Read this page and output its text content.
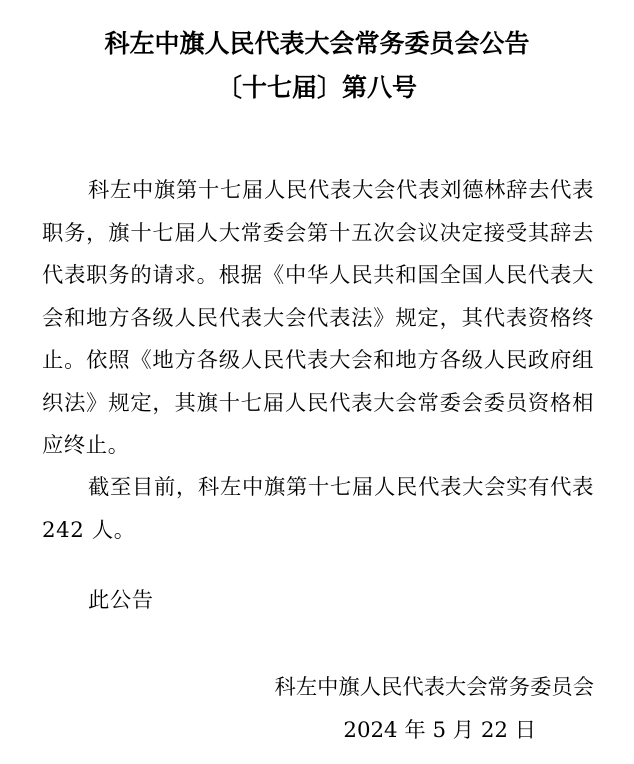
科左中旗人民代表大会常务委员会公告
〔十七届〕第八号

科左中旗第十七届人民代表大会代表刘德林辞去代表职务，旗十七届人大常委会第十五次会议决定接受其辞去代表职务的请求。根据《中华人民共和国全国人民代表大会和地方各级人民代表大会代表法》规定，其代表资格终止。依照《地方各级人民代表大会和地方各级人民政府组织法》规定，其旗十七届人民代表大会常委会委员资格相应终止。

截至目前，科左中旗第十七届人民代表大会实有代表 242 人。

此公告

科左中旗人民代表大会常务委员会

2024 年 5 月 22 日
